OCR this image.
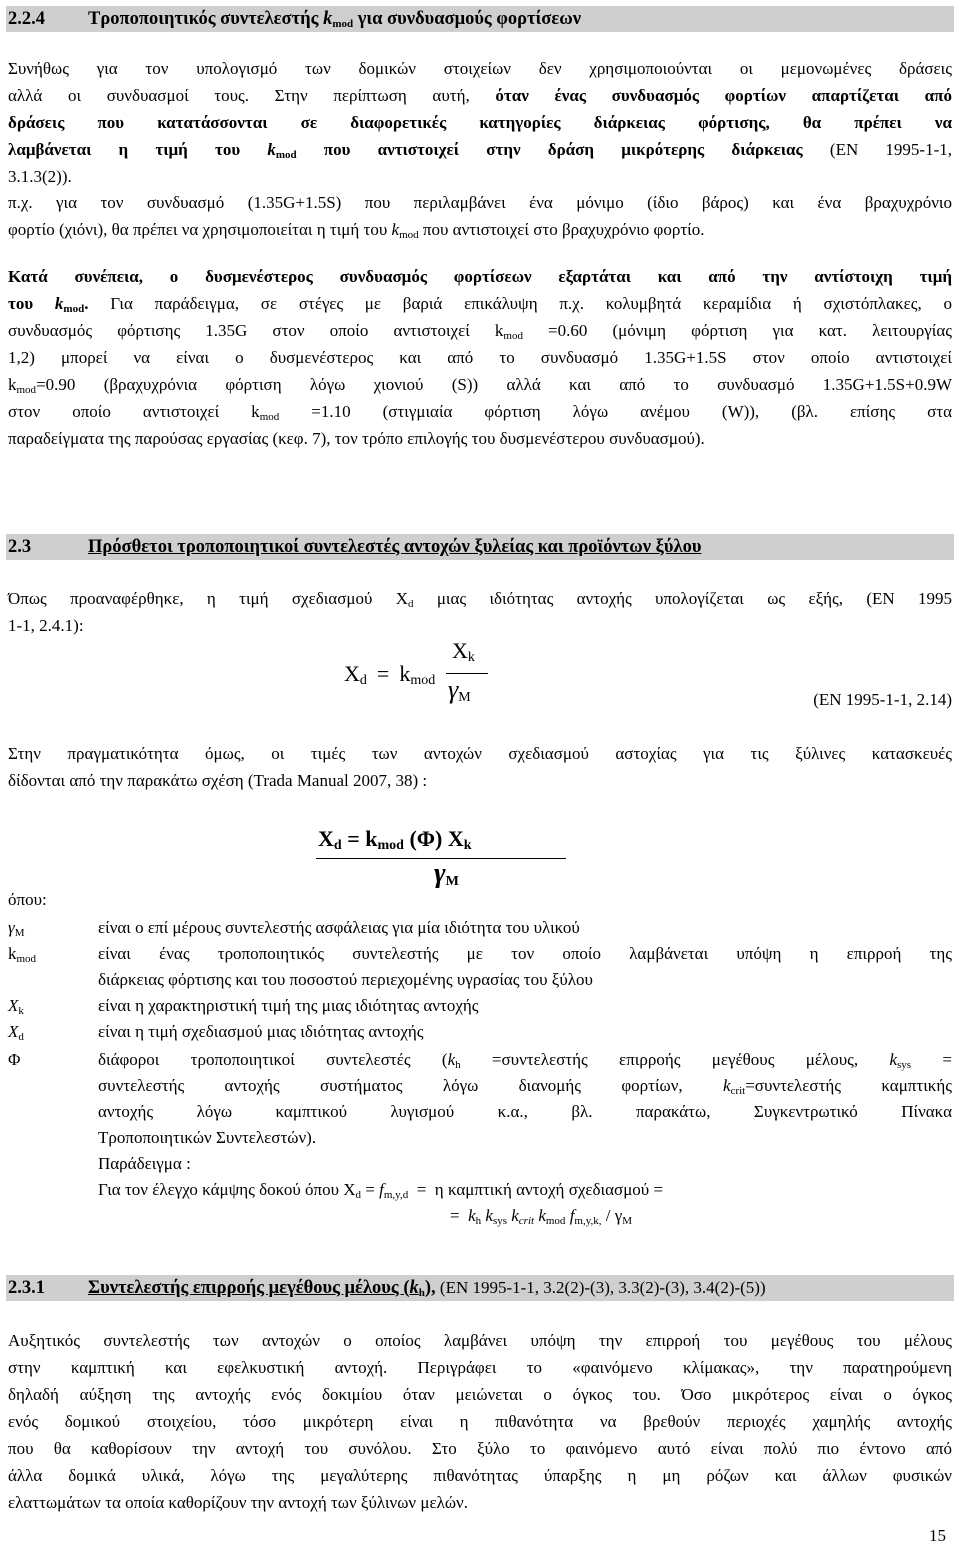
2.2.4 Τροποποιητικός συντελεστής $k_{mod}$ για συνδυασμούς φορτίσεων
Συνήθως για τον υπολογισμό των δομικών στοιχείων δεν χρησιμοποιούνται οι μεμονωμένες δράσεις
αλλά οι συνδυασμοί τους. Στην περίπτωση αυτή, όταν ένας συνδυασμός φορτίων απαρτίζεται από
δράσεις που κατατάσσονται σε διαφορετικές κατηγορίες διάρκειας φόρτισης, θα πρέπει να
λαμβάνεται η τιμή του $k_{mod}$ που αντιστοιχεί στην δράση μικρότερης διάρκειας (EN 1995-1-1,
3.1.3(2)).
π.χ. για τον συνδυασμό (1.35G+1.5S) που περιλαμβάνει ένα μόνιμο (ίδιο βάρος) και ένα βραχυχρόνιο
φορτίο (χιόνι), θα πρέπει να χρησιμοποιείται η τιμή του $k_{mod}$ που αντιστοιχεί στο βραχυχρόνιο φορτίο.
Κατά συνέπεια, ο δυσμενέστερος συνδυασμός φορτίσεων εξαρτάται και από την αντίστοιχη τιμή
του $k_{mod}$. Για παράδειγμα, σε στέγες με βαριά επικάλυψη π.χ. κολυμβητά κεραμίδια ή σχιστόπλακες, ο
συνδυασμός φόρτισης 1.35G στον οποίο αντιστοιχεί $k_{mod} =0.60$ (μόνιμη φόρτιση για κατ. λειτουργίας
1,2) μπορεί να είναι ο δυσμενέστερος και από το συνδυασμό 1.35G+1.5S στον οποίο αντιστοιχεί
$k_{mod}=0.90$ (βραχυχρόνια φόρτιση λόγω χιονιού (S)) αλλά και από το συνδυασμό 1.35G+1.5S+0.9W
στον οποίο αντιστοιχεί $k_{mod} =1.10$ (στιγμιαία φόρτιση λόγω ανέμου (W)), (βλ. επίσης στα
παραδείγματα της παρούσας εργασίας (κεφ. 7), τον τρόπο επιλογής του δυσμενέστερου συνδυασμού).
2.3	Πρόσθετοι τροποποιητικοί συντελεστές αντοχών ξυλείας και προϊόντων ξύλου
Όπως προαναφέρθηκε, η τιμή σχεδιασμού $X_d$ μιας ιδιότητας αντοχής υπολογίζεται ως εξής, (EN 1995
1-1, 2.4.1):
$X_d = k_{mod}$
$X_k$
$\gamma_M$	(EN 1995-1-1, 2.14)
Στην πραγματικότητα όμως, οι τιμές των αντοχών σχεδιασμού αστοχίας για τις ξύλινες κατασκευές
δίδονται από την παρακάτω σχέση (Trada Manual 2007, 38) :
$X_d = k_{mod}$ (Φ) $X_k$
$\gamma_M$
όπου:
$\gamma_M$	είναι ο επί μέρους συντελεστής ασφάλειας για μία ιδιότητα του υλικού
$k_{mod}$	είναι ένας τροποποιητικός συντελεστής με τον οποίο λαμβάνεται υπόψη η επιρροή της
διάρκειας φόρτισης και του ποσοστού περιεχομένης υγρασίας του ξύλου
$X_k$	είναι η χαρακτηριστική τιμή της μιας ιδιότητας αντοχής
$X_d$	είναι η τιμή σχεδιασμού μιας ιδιότητας αντοχής
Φ	διάφοροι τροποποιητικοί συντελεστές ($k_h =\sigma\upsilon\nu\tau\varepsilon\lambda\varepsilon\sigma\tau ή\varsigma$ επιρροής μεγέθους μέλους, $k_{sys}$ =
συντελεστής αντοχής συστήματος λόγω διανομής φορτίων, $k_{crit}=\sigma\upsilon\nu\tau\varepsilon\lambda\varepsilon\sigma\tau ή\varsigma$ καμπτικής
αντοχής λόγω καμπτικού λυγισμού κ.α., βλ. παρακάτω, Συγκεντρωτικό Πίνακα
Τροποποιητικών Συντελεστών).
Παράδειγμα :
Για τον έλεγχο κάμψης δοκού όπου $X_d = f_{m,y,d} = \eta$ καμπτική αντοχή σχεδιασμού =
=  $k_h$ $k_{sys}$ $k_{crit}$ $k_{mod}$ $f_{m,y,k,} / \gamma_M$
2.3.1 Συντελεστής επιρροής μεγέθους μέλους $(k_h)$, (EN 1995-1-1, 3.2(2)-(3), 3.3(2)-(3), 3.4(2)-(5))
Αυξητικός συντελεστής των αντοχών ο οποίος λαμβάνει υπόψη την επιρροή του μεγέθους του μέλους
στην καμπτική και εφελκυστική αντοχή. Περιγράφει το «φαινόμενο κλίμακας», την παρατηρούμενη
δηλαδή αύξηση της αντοχής ενός δοκιμίου όταν μειώνεται ο όγκος του. Όσο μικρότερος είναι ο όγκος
ενός δομικού στοιχείου, τόσο μικρότερη είναι η πιθανότητα να βρεθούν περιοχές χαμηλής αντοχής
που θα καθορίσουν την αντοχή του συνόλου. Στο ξύλο το φαινόμενο αυτό είναι πολύ πιο έντονο από
άλλα δομικά υλικά, λόγω της μεγαλύτερης πιθανότητας ύπαρξης η μη ρόζων και άλλων φυσικών
ελαττωμάτων τα οποία καθορίζουν την αντοχή των ξύλινων μελών.
15
